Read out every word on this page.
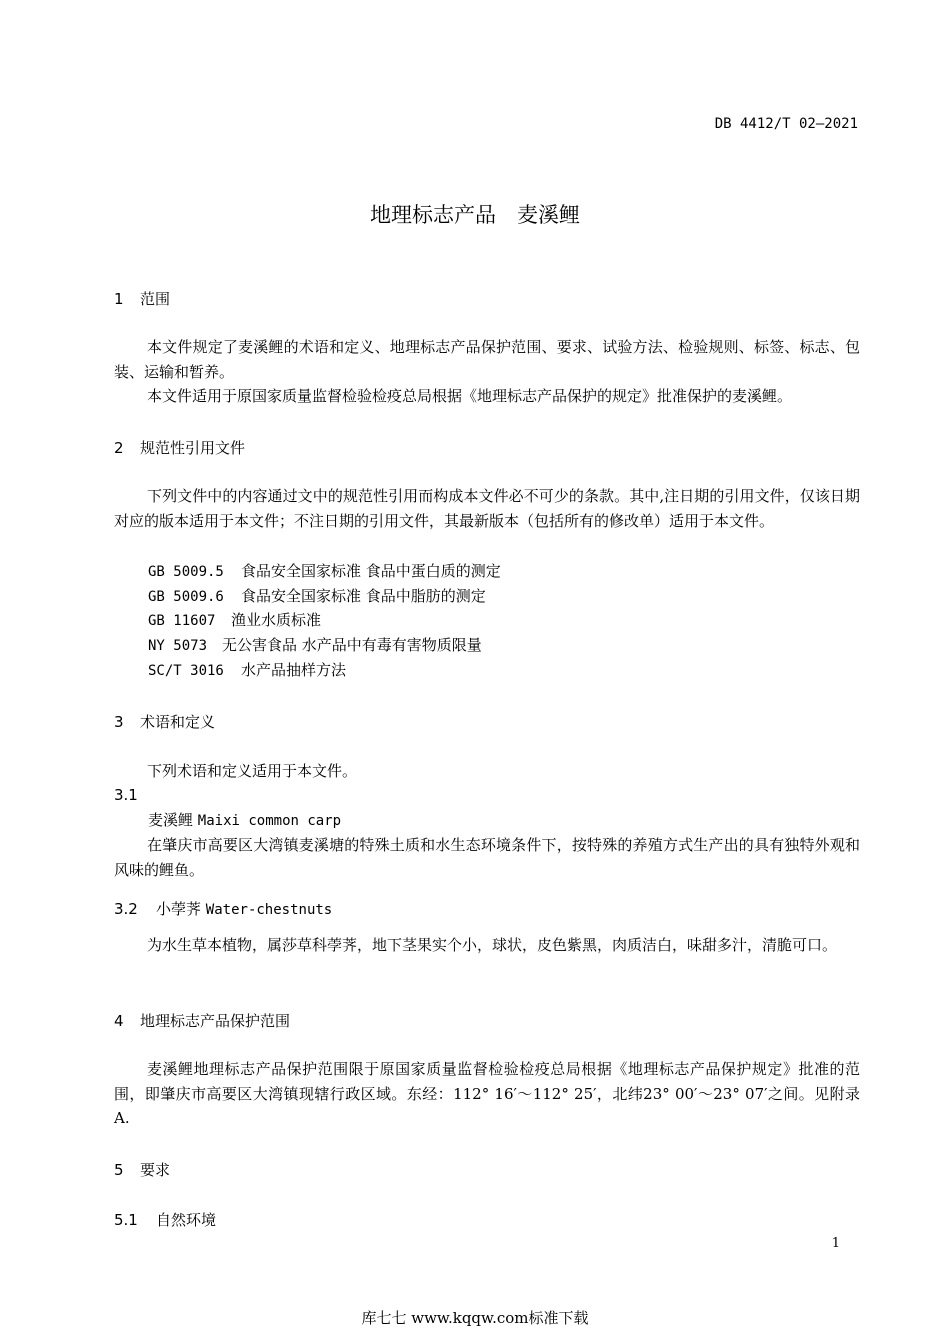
DB 4412/T 02—2021
地理标志产品　麦溪鲤
1 范围
本文件规定了麦溪鲤的术语和定义、地理标志产品保护范围、要求、试验方法、检验规则、标签、标志、包装、运输和暂养。
本文件适用于原国家质量监督检验检疫总局根据《地理标志产品保护的规定》批准保护的麦溪鲤。
2 规范性引用文件
下列文件中的内容通过文中的规范性引用而构成本文件必不可少的条款。其中,注日期的引用文件，仅该日期对应的版本适用于本文件；不注日期的引用文件，其最新版本（包括所有的修改单）适用于本文件。
GB 5009.5 食品安全国家标准 食品中蛋白质的测定
GB 5009.6 食品安全国家标准 食品中脂肪的测定
GB 11607 渔业水质标准
NY 5073 无公害食品 水产品中有毒有害物质限量
SC/T 3016 水产品抽样方法
3 术语和定义
下列术语和定义适用于本文件。
3.1
麦溪鲤 Maixi common carp
在肇庆市高要区大湾镇麦溪塘的特殊土质和水生态环境条件下，按特殊的养殖方式生产出的具有独特外观和风味的鲤鱼。
3.2 小荸荠 Water-chestnuts
为水生草本植物，属莎草科荸荠，地下茎果实个小，球状，皮色紫黑，肉质洁白，味甜多汁，清脆可口。
4 地理标志产品保护范围
麦溪鲤地理标志产品保护范围限于原国家质量监督检验检疫总局根据《地理标志产品保护规定》批准的范围，即肇庆市高要区大湾镇现辖行政区域。东经：112° 16′～112° 25′，北纬23° 00′～23° 07′之间。见附录 A.
5 要求
5.1 自然环境
1
库七七 www.kqqw.com标准下载
